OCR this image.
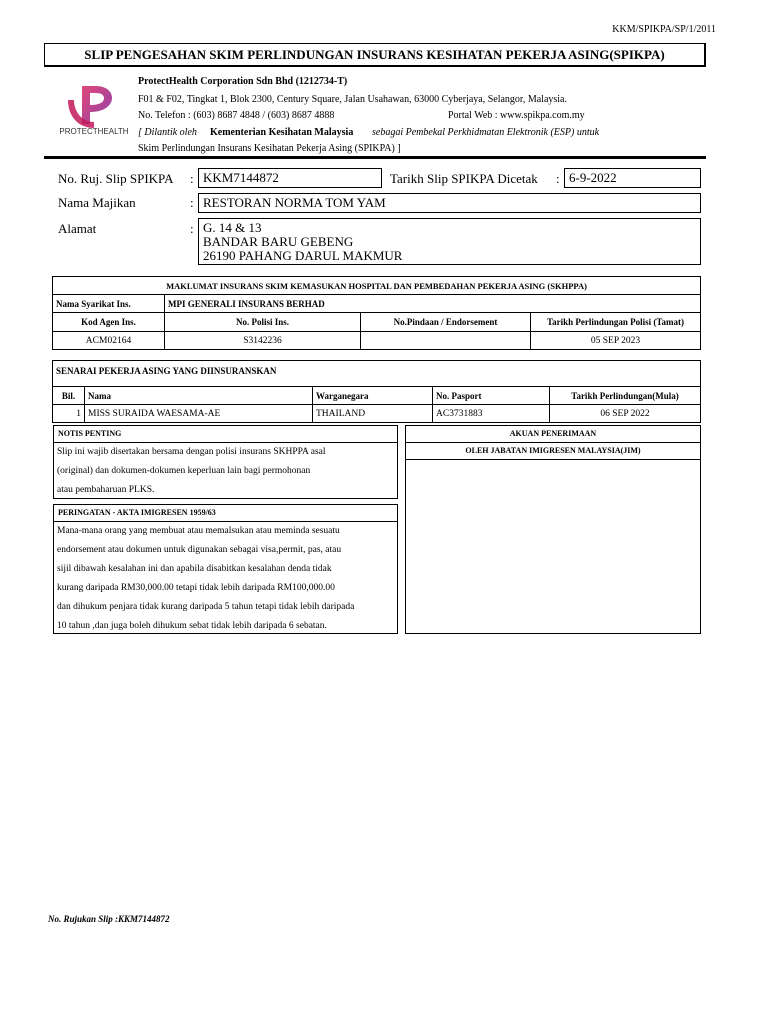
KKM/SPIKPA/SP/1/2011
SLIP PENGESAHAN SKIM PERLINDUNGAN INSURANS KESIHATAN PEKERJA ASING(SPIKPA)
PROTECTHEALTH
ProtectHealth Corporation Sdn Bhd (1212734-T)
F01 & F02, Tingkat 1, Blok 2300, Century Square, Jalan Usahawan, 63000 Cyberjaya, Selangor, Malaysia.
No. Telefon : (603) 8687 4848 / (603) 8687 4888	Portal Web : www.spikpa.com.my
[ Dilantik oleh Kementerian Kesihatan Malaysia sebagai Pembekal Perkhidmatan Elektronik (ESP) untuk
Skim Perlindungan Insurans Kesihatan Pekerja Asing (SPIKPA) ]
No. Ruj. Slip SPIKPA : KKM7144872	Tarikh Slip SPIKPA Dicetak : 6-9-2022
Nama Majikan	: RESTORAN NORMA TOM YAM
Alamat	: G. 14 & 13
BANDAR BARU GEBENG
26190 PAHANG DARUL MAKMUR
MAKLUMAT INSURANS SKIM KEMASUKAN HOSPITAL DAN PEMBEDAHAN PEKERJA ASING (SKHPPA)			
Nama Syarikat Ins.	MPI GENERALI INSURANS BERHAD		
Kod Agen Ins.	No. Polisi Ins.	No.Pindaan / Endorsement	Tarikh Perlindungan Polisi (Tamat)
ACM02164	S3142236		05 SEP 2023
SENARAI PEKERJA ASING YANG DIINSURANSKAN				

Bil.	Nama	Warganegara	No. Pasport	Tarikh Perlindungan(Mula)
1	MISS SURAIDA WAESAMA-AE	THAILAND	AC3731883	06 SEP 2022
NOTIS PENTING
Slip ini wajib disertakan bersama dengan polisi insurans SKHPPA asal
(original) dan dokumen-dokumen keperluan lain bagi permohonan
atau pembaharuan PLKS.
PERINGATAN - AKTA IMIGRESEN 1959/63
Mana-mana orang yang membuat atau memalsukan atau meminda sesuatu
endorsement atau dokumen untuk digunakan sebagai visa,permit, pas, atau
sijil dibawah kesalahan ini dan apabila disabitkan kesalahan denda tidak
kurang daripada RM30,000.00 tetapi tidak lebih daripada RM100,000.00
dan dihukum penjara tidak kurang daripada 5 tahun tetapi tidak lebih daripada
10 tahun ,dan juga boleh dihukum sebat tidak lebih daripada 6 sebatan.
AKUAN PENERIMAAN
OLEH JABATAN IMIGRESEN MALAYSIA(JIM)
No. Rujukan Slip :KKM7144872
